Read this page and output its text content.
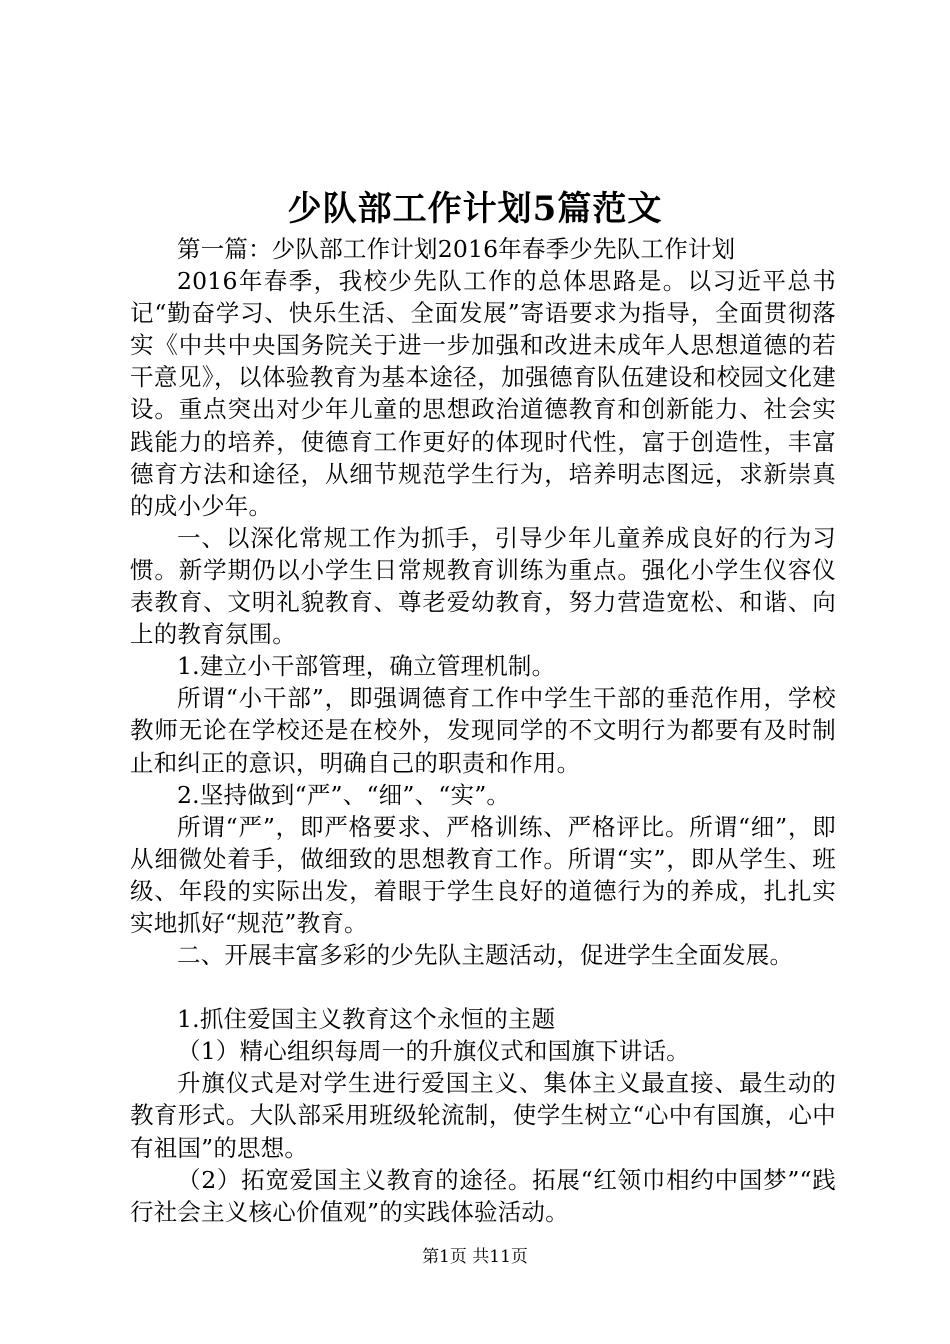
少队部工作计划5篇范文

第一篇：少队部工作计划2016年春季少先队工作计划

2016年春季，我校少先队工作的总体思路是。以习近平总书记“勤奋学习、快乐生活、全面发展”寄语要求为指导，全面贯彻落实《中共中央国务院关于进一步加强和改进未成年人思想道德的若干意见》，以体验教育为基本途径，加强德育队伍建设和校园文化建设。重点突出对少年儿童的思想政治道德教育和创新能力、社会实践能力的培养，使德育工作更好的体现时代性，富于创造性，丰富德育方法和途径，从细节规范学生行为，培养明志图远，求新崇真的成小少年。

一、以深化常规工作为抓手，引导少年儿童养成良好的行为习惯。新学期仍以小学生日常规教育训练为重点。强化小学生仪容仪表教育、文明礼貌教育、尊老爱幼教育，努力营造宽松、和谐、向上的教育氛围。

1.建立小干部管理，确立管理机制。

所谓“小干部”，即强调德育工作中学生干部的垂范作用，学校教师无论在学校还是在校外，发现同学的不文明行为都要有及时制止和纠正的意识，明确自己的职责和作用。

2.坚持做到“严”、“细”、“实”。

所谓“严”，即严格要求、严格训练、严格评比。所谓“细”，即从细微处着手，做细致的思想教育工作。所谓“实”，即从学生、班级、年段的实际出发，着眼于学生良好的道德行为的养成，扎扎实实地抓好“规范”教育。

二、开展丰富多彩的少先队主题活动，促进学生全面发展。

1.抓住爱国主义教育这个永恒的主题

（1）精心组织每周一的升旗仪式和国旗下讲话。

升旗仪式是对学生进行爱国主义、集体主义最直接、最生动的教育形式。大队部采用班级轮流制，使学生树立“心中有国旗，心中有祖国”的思想。

（2）拓宽爱国主义教育的途径。拓展“红领巾相约中国梦”“践行社会主义核心价值观”的实践体验活动。

第1页 共11页
